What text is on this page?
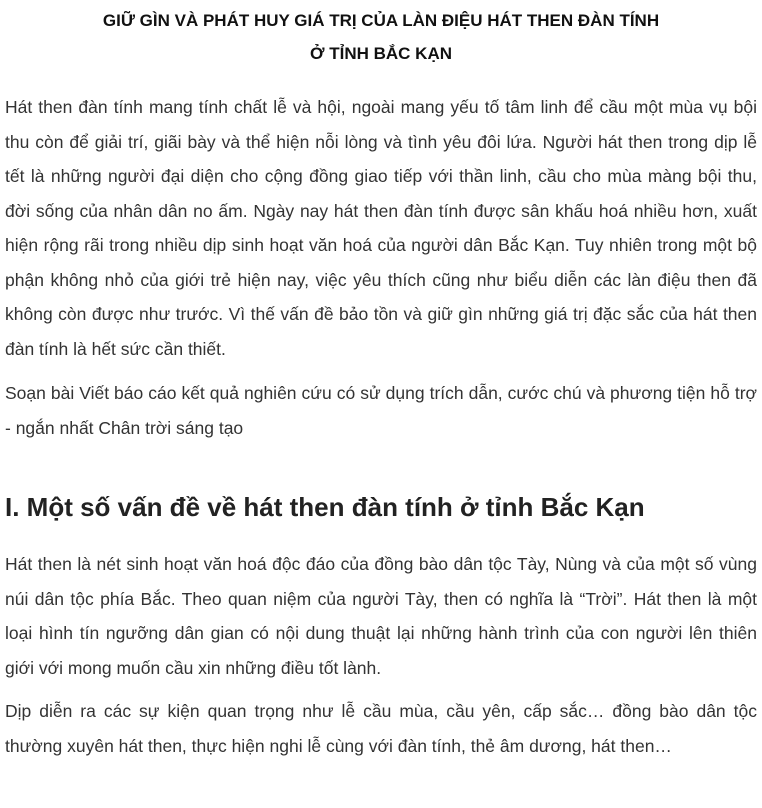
GIỮ GÌN VÀ PHÁT HUY GIÁ TRỊ CỦA LÀN ĐIỆU HÁT THEN ĐÀN TÍNH
Ở TỈNH BẮC KẠN

Hát then đàn tính mang tính chất lễ và hội, ngoài mang yếu tố tâm linh để cầu một mùa vụ bội thu còn để giải trí, giãi bày và thể hiện nỗi lòng và tình yêu đôi lứa. Người hát then trong dịp lễ tết là những người đại diện cho cộng đồng giao tiếp với thần linh, cầu cho mùa màng bội thu, đời sống của nhân dân no ấm. Ngày nay hát then đàn tính được sân khấu hoá nhiều hơn, xuất hiện rộng rãi trong nhiều dịp sinh hoạt văn hoá của người dân Bắc Kạn. Tuy nhiên trong một bộ phận không nhỏ của giới trẻ hiện nay, việc yêu thích cũng như biểu diễn các làn điệu then đã không còn được như trước. Vì thế vấn đề bảo tồn và giữ gìn những giá trị đặc sắc của hát then đàn tính là hết sức cần thiết.

Soạn bài Viết báo cáo kết quả nghiên cứu có sử dụng trích dẫn, cước chú và phương tiện hỗ trợ - ngắn nhất Chân trời sáng tạo

I. Một số vấn đề về hát then đàn tính ở tỉnh Bắc Kạn

Hát then là nét sinh hoạt văn hoá độc đáo của đồng bào dân tộc Tày, Nùng và của một số vùng núi dân tộc phía Bắc. Theo quan niệm của người Tày, then có nghĩa là “Trời”. Hát then là một loại hình tín ngưỡng dân gian có nội dung thuật lại những hành trình của con người lên thiên giới với mong muốn cầu xin những điều tốt lành.

Dịp diễn ra các sự kiện quan trọng như lễ cầu mùa, cầu yên, cấp sắc… đồng bào dân tộc thường xuyên hát then, thực hiện nghi lễ cùng với đàn tính, thẻ âm dương, hát then…
